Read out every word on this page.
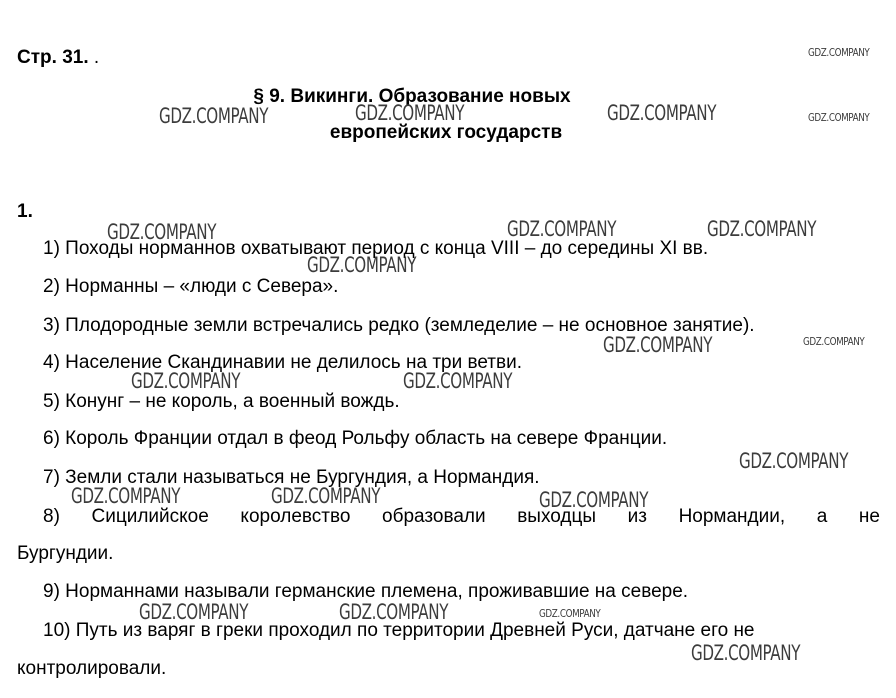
Стр. 31. .
§ 9. Викинги. Образование новых
европейских государств
1.
1) Походы норманнов охватывают период с конца VIII – до середины XI вв.
2) Норманны – «люди с Севера».
3) Плодородные земли встречались редко (земледелие – не основное занятие).
4) Население Скандинавии не делилось на три ветви.
5) Конунг – не король, а военный вождь.
6) Король Франции отдал в феод Рольфу область на севере Франции.
7) Земли стали называться не Бургундия, а Нормандия.
8) Сицилийское королевство образовали выходцы из Нормандии, а не
Бургундии.
9) Норманнами называли германские племена, проживавшие на севере.
10) Путь из варяг в греки проходил по территории Древней Руси, датчане его не
контролировали.
GDZ.COMPANY
GDZ.COMPANY	GDZ.COMPANY	GDZ.COMPANY	GDZ.COMPANY
GDZ.COMPANY	GDZ.COMPANY	GDZ.COMPANY
GDZ.COMPANY
GDZ.COMPANY	GDZ.COMPANY
GDZ.COMPANY	GDZ.COMPANY
GDZ.COMPANY
GDZ.COMPANY	GDZ.COMPANY	GDZ.COMPANY
GDZ.COMPANY	GDZ.COMPANY	GDZ.COMPANY
GDZ.COMPANY
